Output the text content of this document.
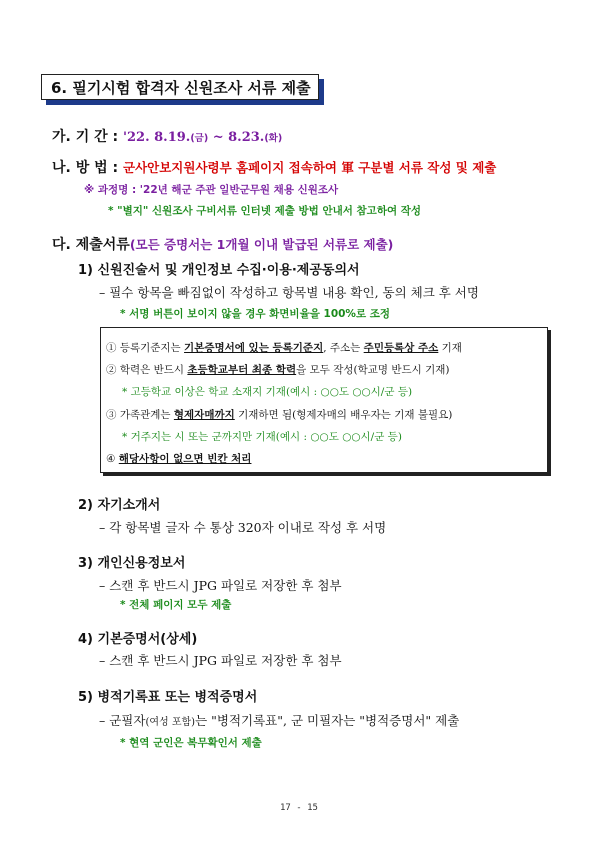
6. 필기시험 합격자 신원조사 서류 제출
가. 기 간 : '22. 8.19.(금) ~ 8.23.(화)
나. 방 법 : 군사안보지원사령부 홈페이지 접속하여 軍 구분별 서류 작성 및 제출
※ 과정명 : '22년 해군 주관 일반군무원 채용 신원조사
* "별지" 신원조사 구비서류 인터넷 제출 방법 안내서 참고하여 작성
다. 제출서류(모든 증명서는 1개월 이내 발급된 서류로 제출)
1) 신원진술서 및 개인정보 수집·이용·제공동의서
– 필수 항목을 빠짐없이 작성하고 항목별 내용 확인, 동의 체크 후 서명
* 서명 버튼이 보이지 않을 경우 화면비율을 100%로 조정
① 등록기준지는 기본증명서에 있는 등록기준지, 주소는 주민등록상 주소 기재
② 학력은 반드시 초등학교부터 최종 학력을 모두 작성(학교명 반드시 기재)
* 고등학교 이상은 학교 소재지 기재(예시 : ○○도 ○○시/군 등)
③ 가족관계는 형제자매까지 기재하면 됨(형제자매의 배우자는 기재 불필요)
* 거주지는 시 또는 군까지만 기재(예시 : ○○도 ○○시/군 등)
④ 해당사항이 없으면 빈칸 처리
2) 자기소개서
– 각 항목별 글자 수 통상 320자 이내로 작성 후 서명
3) 개인신용정보서
– 스캔 후 반드시 JPG 파일로 저장한 후 첨부
* 전체 페이지 모두 제출
4) 기본증명서(상세)
– 스캔 후 반드시 JPG 파일로 저장한 후 첨부
5) 병적기록표 또는 병적증명서
– 군필자(여성 포함)는 "병적기록표", 군 미필자는 "병적증명서" 제출
* 현역 군인은 복무확인서 제출
17 - 15
